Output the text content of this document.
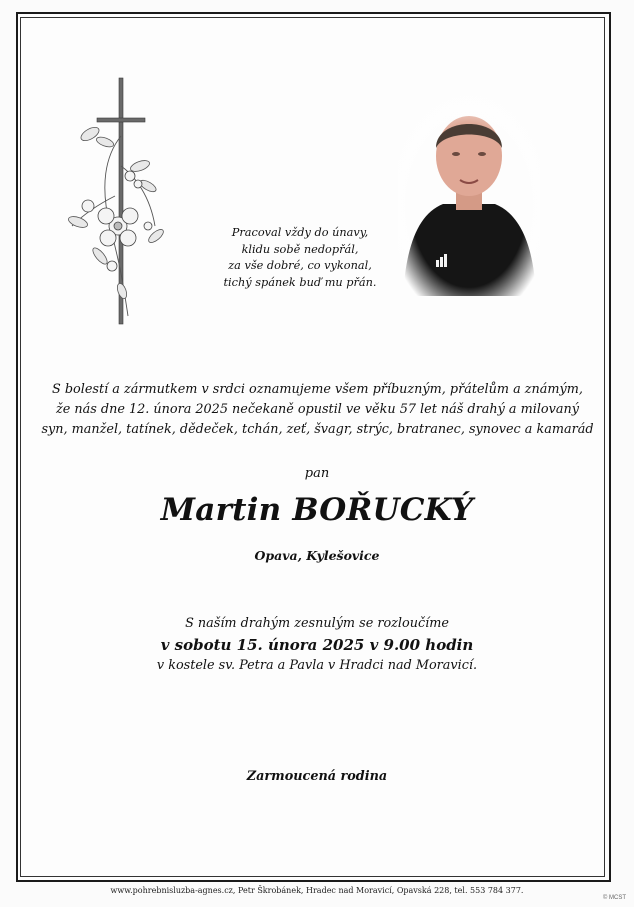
Pracoval vždy do únavy,
klidu sobě nedopřál,
za vše dobré, co vykonal,
tichý spánek buď mu přán.
S bolestí a zármutkem v srdci oznamujeme všem příbuzným, přátelům a známým,
že nás dne 12. února 2025 nečekaně opustil ve věku 57 let náš drahý a milovaný
syn, manžel, tatínek, dědeček, tchán, zeť, švagr, strýc, bratranec, synovec a kamarád
pan
Martin BOŘUCKÝ
Opava, Kylešovice
S naším drahým zesnulým se rozloučíme
v sobotu 15. února 2025 v 9.00 hodin
v kostele sv. Petra a Pavla v Hradci nad Moravicí.
Zarmoucená rodina
www.pohrebnisluzba-agnes.cz, Petr Škrobánek, Hradec nad Moravicí, Opavská 228, tel. 553 784 377.
© MCST
